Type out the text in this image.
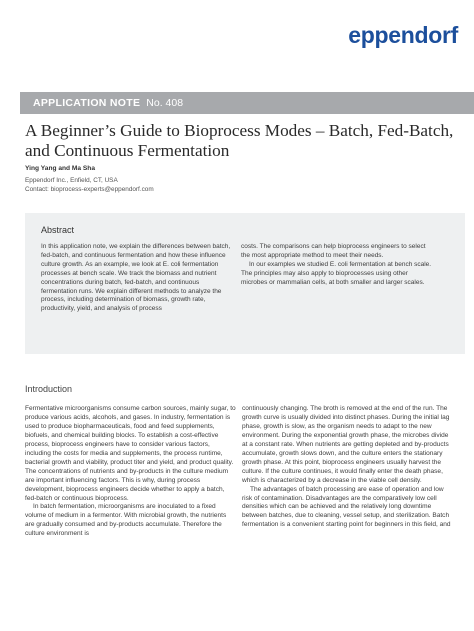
eppendorf
APPLICATION NOTE No. 408
A Beginner’s Guide to Bioprocess Modes – Batch, Fed-Batch, and Continuous Fermentation
Ying Yang and Ma Sha
Eppendorf Inc., Enfield, CT, USA
Contact: bioprocess-experts@eppendorf.com
Abstract

In this application note, we explain the differences between batch, fed-batch, and continuous fermentation and how these influence culture growth. As an example, we look at E. coli fermentation processes at bench scale. We track the biomass and nutrient concentrations during batch, fed-batch, and continuous fermentation runs. We explain different methods to analyze the process, including determination of biomass, growth rate, productivity, yield, and analysis of process

costs. The comparisons can help bioprocess engineers to select the most appropriate method to meet their needs.

In our examples we studied E. coli fermentation at bench scale. The principles may also apply to bioprocesses using other microbes or mammalian cells, at both smaller and larger scales.

Introduction

Fermentative microorganisms consume carbon sources, mainly sugar, to produce various acids, alcohols, and gases. In industry, fermentation is used to produce biopharmaceuticals, food and feed supplements, biofuels, and chemical building blocks. To establish a cost-effective process, bioprocess engineers have to consider various factors, including the costs for media and supplements, the process runtime, bacterial growth and viability, product titer and yield, and product quality. The concentrations of nutrients and by-products in the culture medium are important influencing factors. This is why, during process development, bioprocess engineers decide whether to apply a batch, fed-batch or continuous bioprocess.

In batch fermentation, microorganisms are inoculated to a fixed volume of medium in a fermentor. With microbial growth, the nutrients are gradually consumed and by-products accumulate. Therefore the culture environment is

continuously changing. The broth is removed at the end of the run. The growth curve is usually divided into distinct phases. During the initial lag phase, growth is slow, as the organism needs to adapt to the new environment. During the exponential growth phase, the microbes divide at a constant rate. When nutrients are getting depleted and by-products accumulate, growth slows down, and the culture enters the stationary growth phase. At this point, bioprocess engineers usually harvest the culture. If the culture continues, it would finally enter the death phase, which is characterized by a decrease in the viable cell density.

The advantages of batch processing are ease of operation and low risk of contamination. Disadvantages are the comparatively low cell densities which can be achieved and the relatively long downtime between batches, due to cleaning, vessel setup, and sterilization. Batch fermentation is a convenient starting point for beginners in this field, and
